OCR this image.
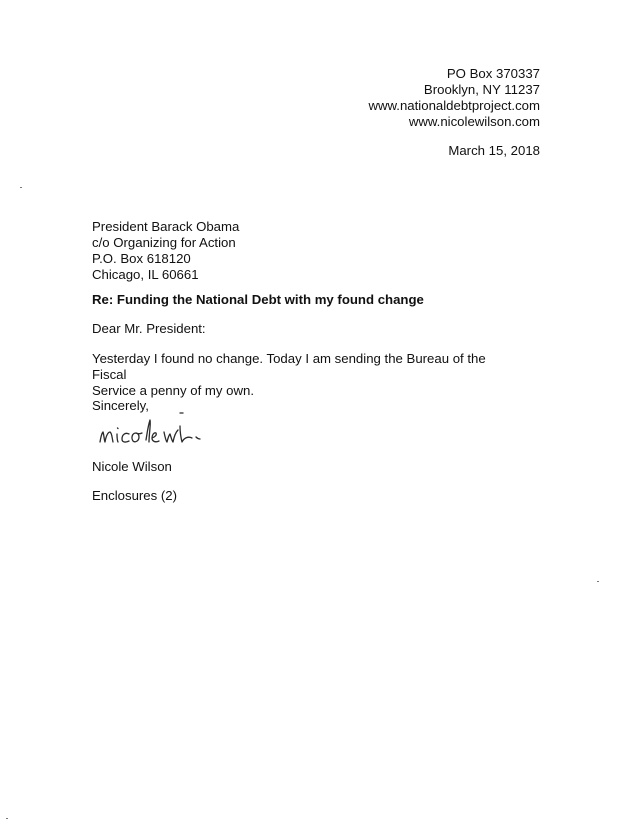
PO Box 370337
Brooklyn, NY 11237
www.nationaldebtproject.com
www.nicolewilson.com
March 15, 2018
President Barack Obama
c/o Organizing for Action
P.O. Box 618120
Chicago, IL 60661
Re: Funding the National Debt with my found change
Dear Mr. President:
Yesterday I found no change. Today I am sending the Bureau of the Fiscal
Service a penny of my own.
Sincerely,
Nicole Wilson
Enclosures (2)
